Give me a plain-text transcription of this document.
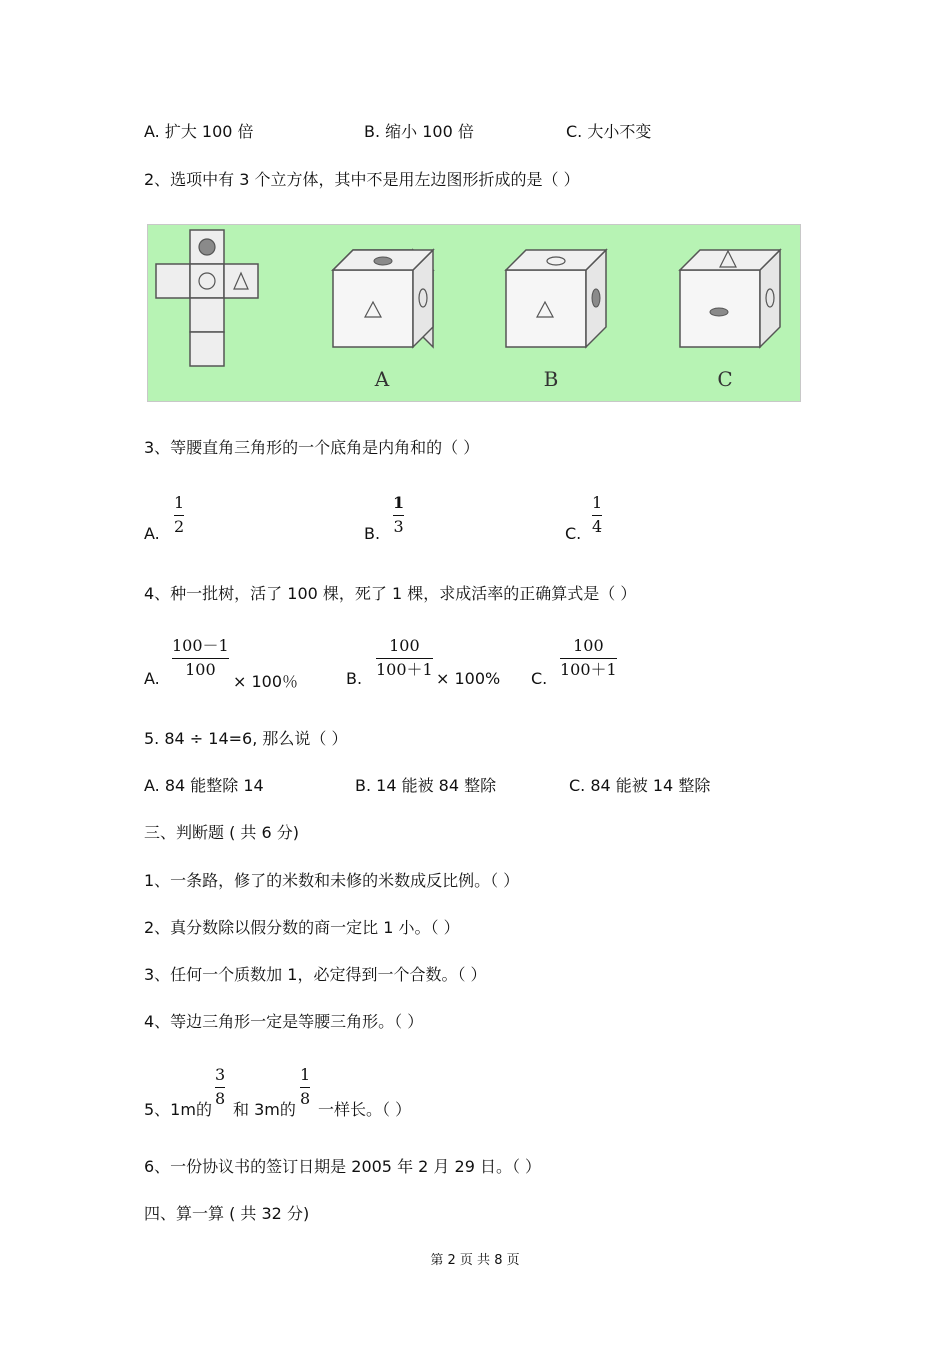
A. 扩大 100 倍	B. 缩小 100 倍	C. 大小不变
2、选项中有 3 个立方体，其中不是用左边图形折成的是（ ）
A	B	C
3、等腰直角三角形的一个底角是内角和的（ ）
A.
1
2	B.
1
3	C.
1
4
4、种一批树，活了 100 棵，死了 1 棵，求成活率的正确算式是（ ）
A.
100－1
100
× 100％	B.
100
100＋1 × 100% C.
100
100＋1
5. 84 ÷ 14=6, 那么说（ ）
A. 84 能整除 14	B. 14 能被 84 整除	C. 84 能被 14 整除
三、判断题 ( 共 6 分)
1、一条路，修了的米数和未修的米数成反比例。（ ）
2、真分数除以假分数的商一定比 1 小。（ ）
3、任何一个质数加 1，必定得到一个合数。（ ）
4、等边三角形一定是等腰三角形。（ ）
5、1m的
3
8
和 3m的
1
8
一样长。（ ）
6、一份协议书的签订日期是 2005 年 2 月 29 日。（ ）
四、算一算 ( 共 32 分)
第 2 页 共 8 页
